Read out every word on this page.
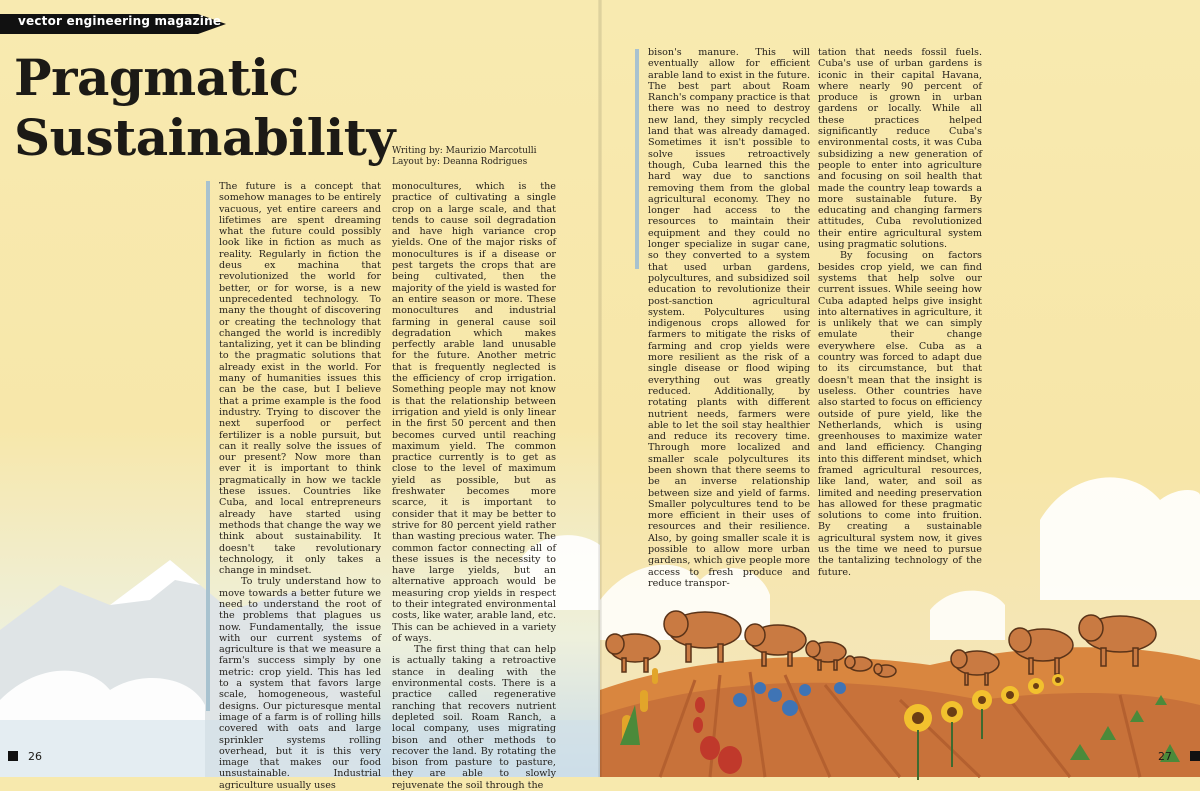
vector engineering magazine
Pragmatic
Sustainability
Writing by: Maurizio Marcotulli
Layout by: Deanna Rodrigues

The future is a concept that somehow manages to be entirely vacuous, yet entire careers and lifetimes are spent dreaming what the future could possibly look like in fiction as much as reality. Regularly in fiction the deus ex machina that revolutionized the world for better, or for worse, is a new unprecedented technology. To many the thought of discovering or creating the technology that changed the world is incredibly tantalizing, yet it can be blinding to the pragmatic solutions that already exist in the world. For many of humanities issues this can be the case, but I believe that a prime example is the food industry. Trying to discover the next superfood or perfect fertilizer is a noble pursuit, but can it really solve the issues of our present? Now more than ever it is important to think pragmatically in how we tackle these issues. Countries like Cuba, and local entrepreneurs already have started using methods that change the way we think about sustainability. It doesn't take revolutionary technology, it only takes a change in mindset.

To truly understand how to move towards a better future we need to understand the root of the problems that plagues us now. Fundamentally, the issue with our current systems of agriculture is that we measure a farm's success simply by one metric: crop yield. This has led to a system that favors large scale, homogeneous, wasteful designs. Our picturesque mental image of a farm is of rolling hills covered with oats and large sprinkler systems rolling overhead, but it is this very image that makes our food unsustainable. Industrial agriculture usually uses

monocultures, which is the practice of cultivating a single crop on a large scale, and that tends to cause soil degradation and have high variance crop yields. One of the major risks of monocultures is if a disease or pest targets the crops that are being cultivated, then the majority of the yield is wasted for an entire season or more. These monocultures and industrial farming in general cause soil degradation which makes perfectly arable land unusable for the future. Another metric that is frequently neglected is the efficiency of crop irrigation. Something people may not know is that the relationship between irrigation and yield is only linear in the first 50 percent and then becomes curved until reaching maximum yield. The common practice currently is to get as close to the level of maximum yield as possible, but as freshwater becomes more scarce, it is important to consider that it may be better to strive for 80 percent yield rather than wasting precious water. The common factor connecting all of these issues is the necessity to have large yields, but an alternative approach would be measuring crop yields in respect to their integrated environmental costs, like water, arable land, etc. This can be achieved in a variety of ways.

The first thing that can help is actually taking a retroactive stance in dealing with the environmental costs. There is a practice called regenerative ranching that recovers nutrient depleted soil. Roam Ranch, a local company, uses migrating bison and other methods to recover the land. By rotating the bison from pasture to pasture, they are able to slowly rejuvenate the soil through the

26

bison's manure. This will eventually allow for efficient arable land to exist in the future. The best part about Roam Ranch's company practice is that there was no need to destroy new land, they simply recycled land that was already damaged. Sometimes it isn't possible to solve issues retroactively though, Cuba learned this the hard way due to sanctions removing them from the global agricultural economy. They no longer had access to the resources to maintain their equipment and they could no longer specialize in sugar cane, so they converted to a system that used urban gardens, polycultures, and subsidized soil education to revolutionize their post-sanction agricultural system. Polycultures using indigenous crops allowed for farmers to mitigate the risks of farming and crop yields were more resilient as the risk of a single disease or flood wiping everything out was greatly reduced. Additionally, by rotating plants with different nutrient needs, farmers were able to let the soil stay healthier and reduce its recovery time. Through more localized and smaller scale polycultures its been shown that there seems to be an inverse relationship between size and yield of farms. Smaller polycultures tend to be more efficient in their uses of resources and their resilience. Also, by going smaller scale it is possible to allow more urban gardens, which give people more access to fresh produce and reduce transpor-

tation that needs fossil fuels. Cuba's use of urban gardens is iconic in their capital Havana, where nearly 90 percent of produce is grown in urban gardens or locally. While all these practices helped significantly reduce Cuba's environmental costs, it was Cuba subsidizing a new generation of people to enter into agriculture and focusing on soil health that made the country leap towards a more sustainable future. By educating and changing farmers attitudes, Cuba revolutionized their entire agricultural system using pragmatic solutions.

By focusing on factors besides crop yield, we can find systems that help solve our current issues. While seeing how Cuba adapted helps give insight into alternatives in agriculture, it is unlikely that we can simply emulate their change everywhere else. Cuba as a country was forced to adapt due to its circumstance, but that doesn't mean that the insight is useless. Other countries have also started to focus on efficiency outside of pure yield, like the Netherlands, which is using greenhouses to maximize water and land efficiency. Changing into this different mindset, which framed agricultural resources, like land, water, and soil as limited and needing preservation has allowed for these pragmatic solutions to come into fruition. By creating a sustainable agricultural system now, it gives us the time we need to pursue the tantalizing technology of the future.

27
